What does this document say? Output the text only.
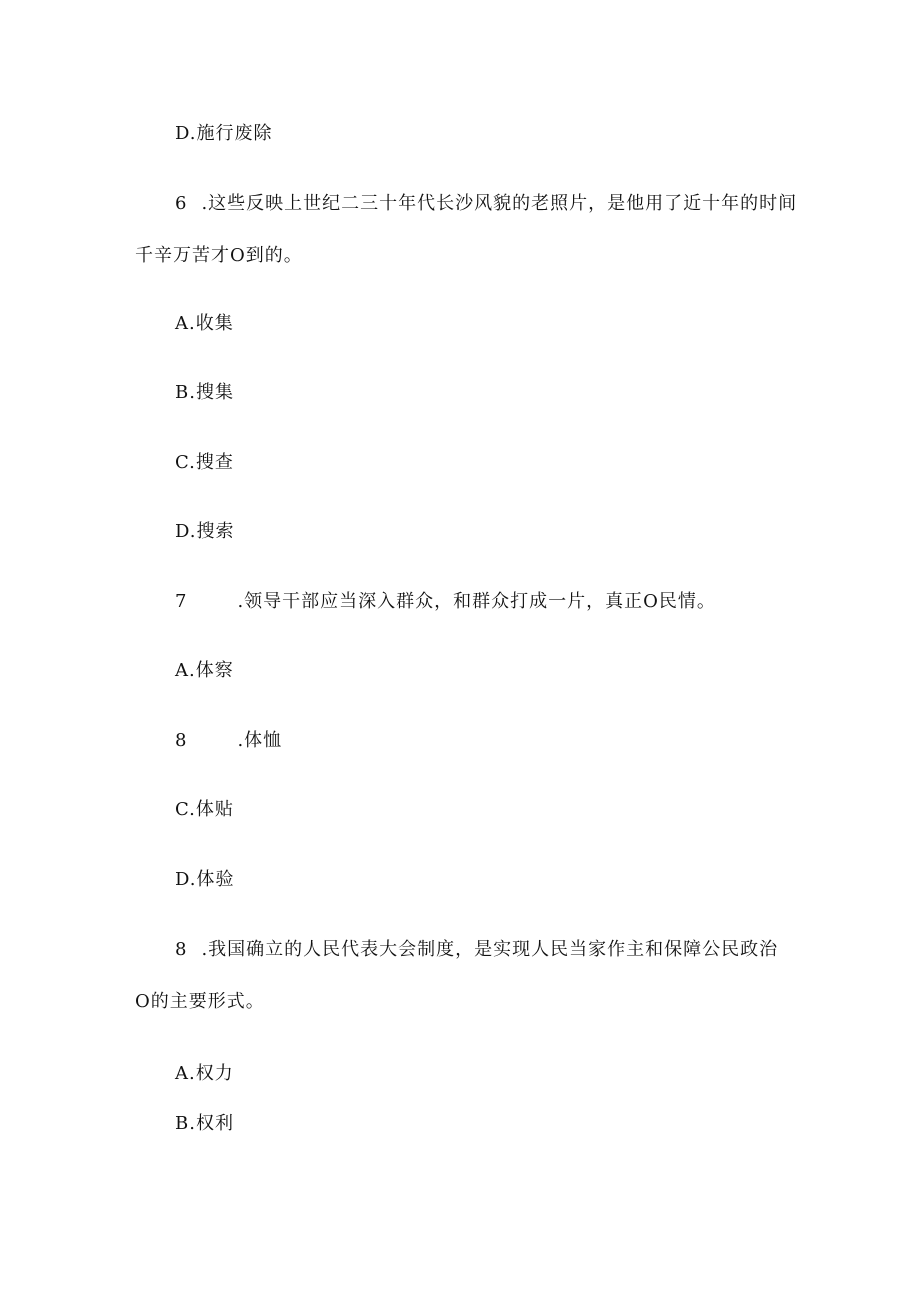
D.施行废除
6 .这些反映上世纪二三十年代长沙风貌的老照片，是他用了近十年的时间
千辛万苦才O到的。
A.收集
B.搜集
C.搜查
D.搜索
7	.领导干部应当深入群众，和群众打成一片，真正O民情。
A.体察
8	.体恤
C.体贴
D.体验
8 .我国确立的人民代表大会制度，是实现人民当家作主和保障公民政治
O的主要形式。
A.权力
B.权利
